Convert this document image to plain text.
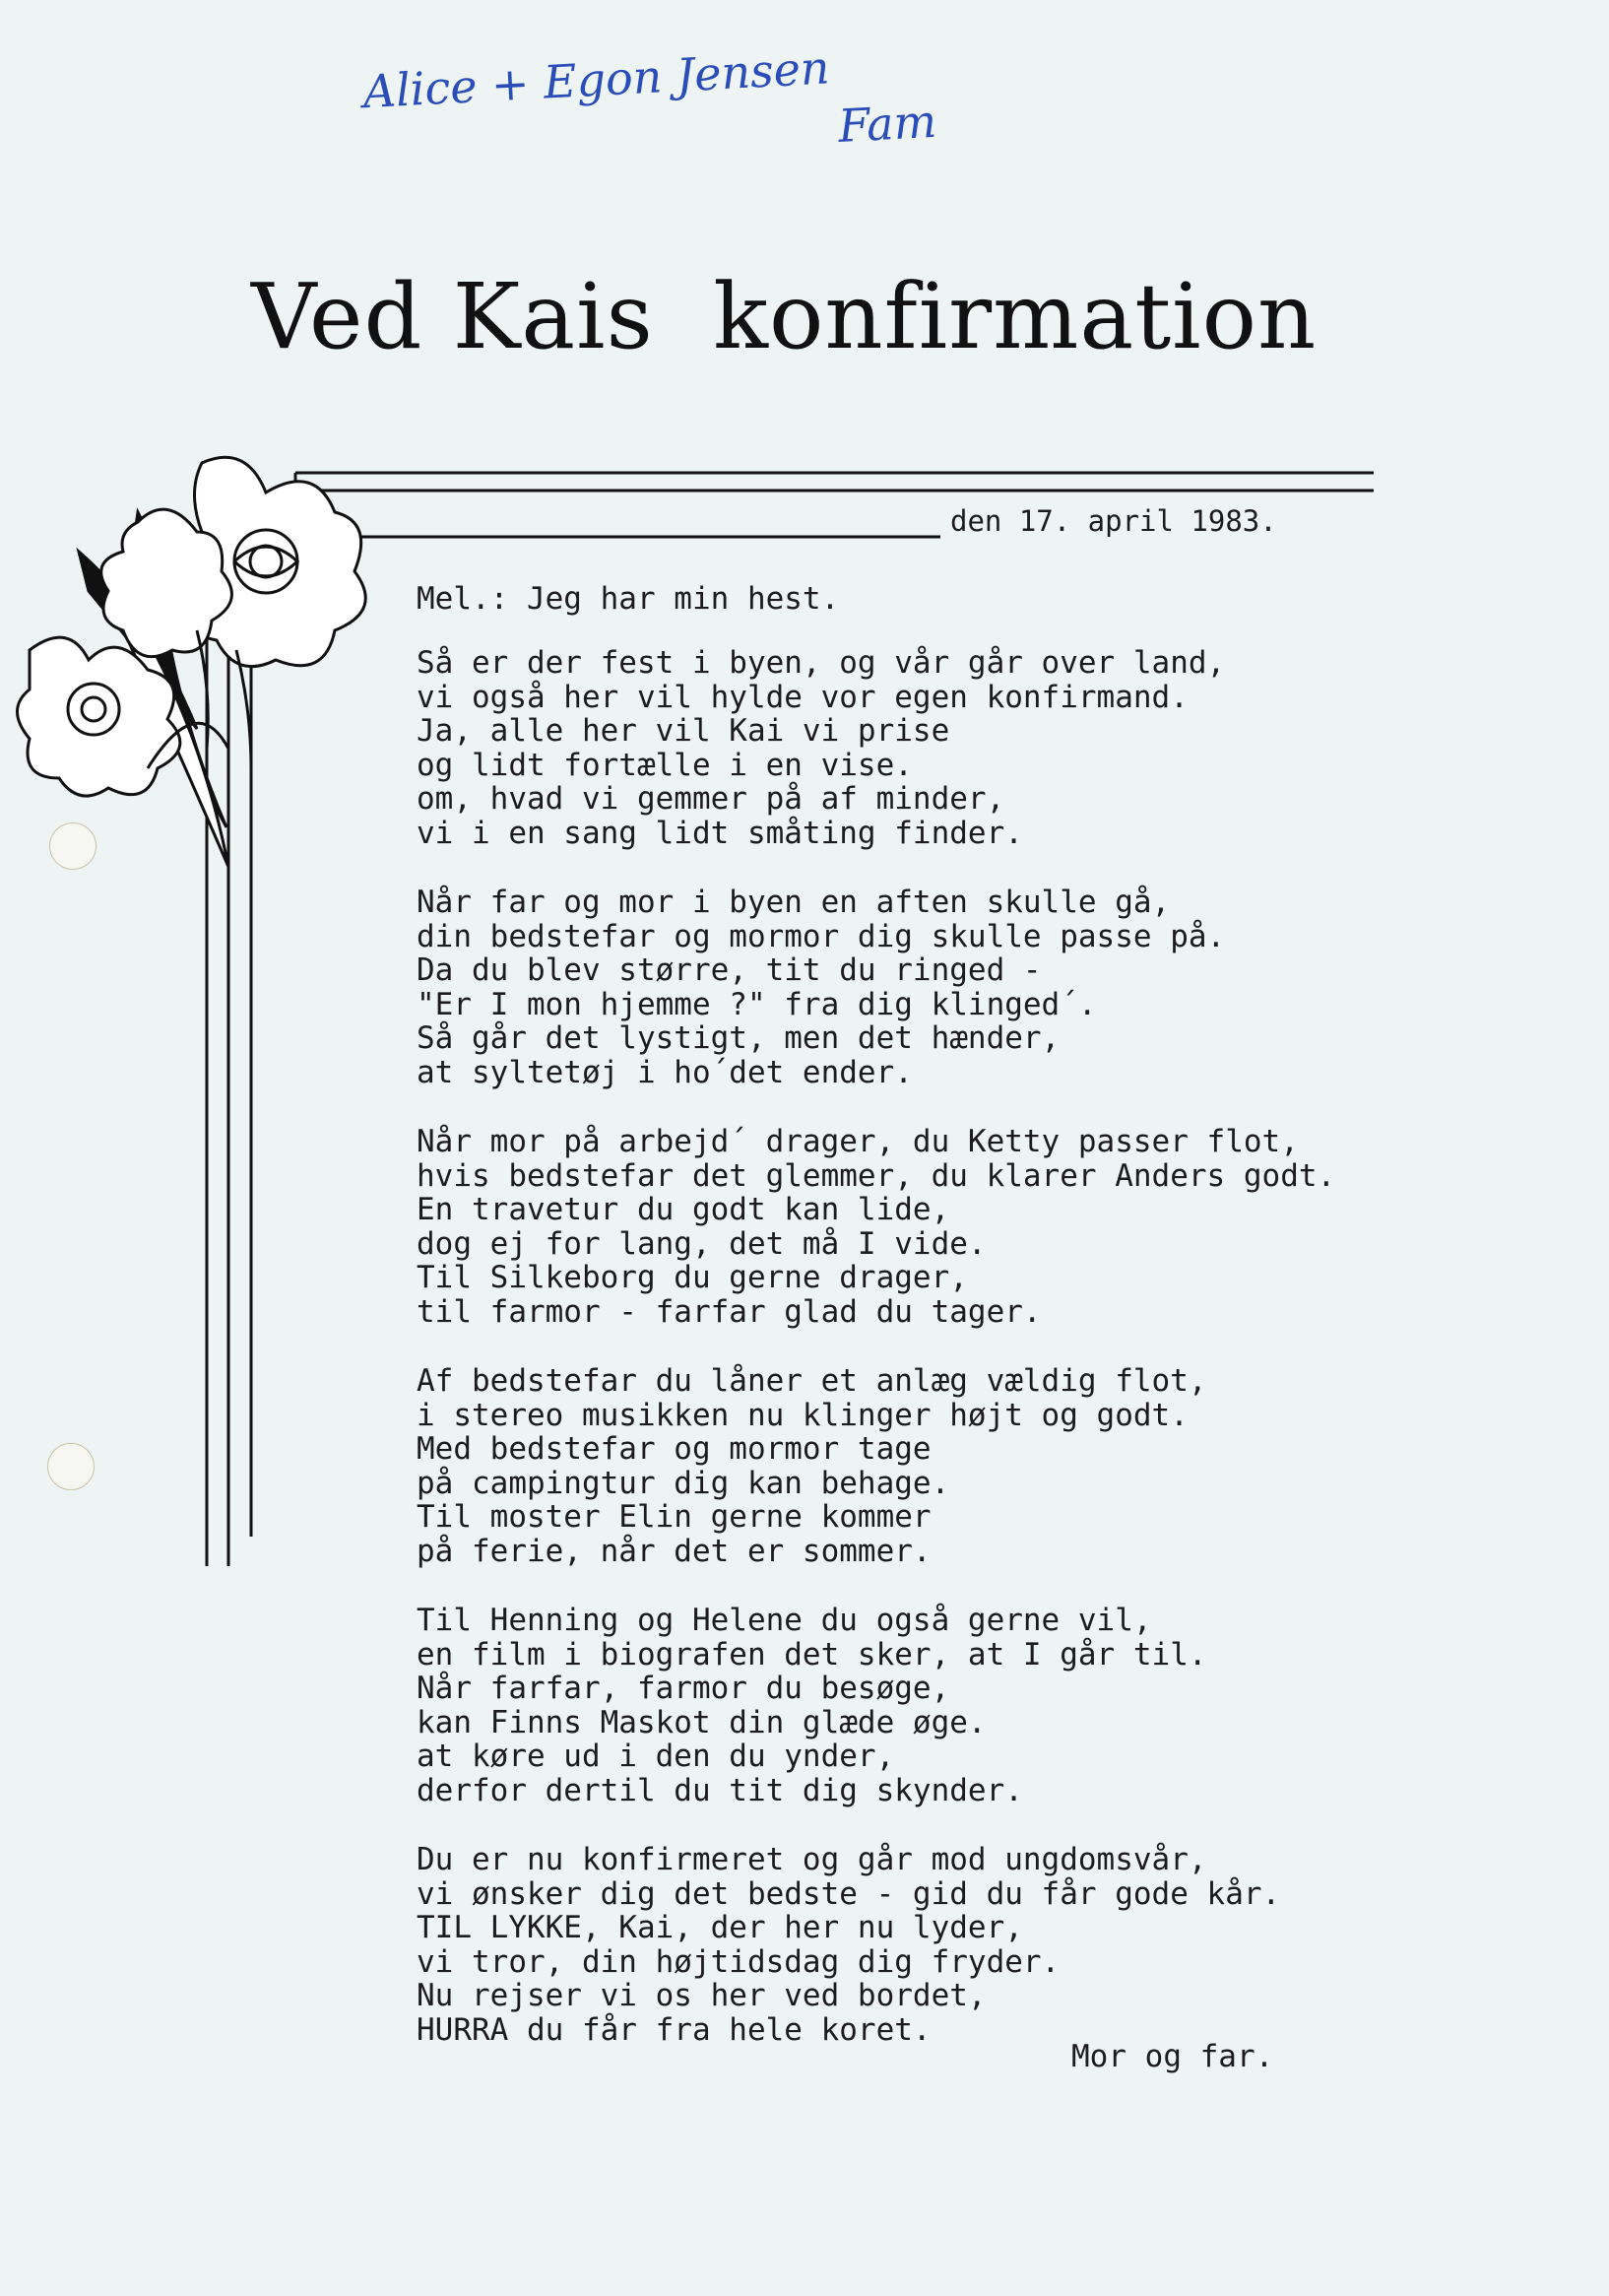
Alice + Egon Jensen
Fam
Ved Kais  konfirmation
den 17. april 1983.
Mel.: Jeg har min hest.
Så er der fest i byen, og vår går over land,
vi også her vil hylde vor egen konfirmand.
Ja, alle her vil Kai vi prise
og lidt fortælle i en vise.
om, hvad vi gemmer på af minder,
vi i en sang lidt småting finder.
Når far og mor i byen en aften skulle gå,
din bedstefar og mormor dig skulle passe på.
Da du blev større, tit du ringed -
"Er I mon hjemme ?" fra dig klinged´.
Så går det lystigt, men det hænder,
at syltetøj i ho´det ender.
Når mor på arbejd´ drager, du Ketty passer flot,
hvis bedstefar det glemmer, du klarer Anders godt.
En travetur du godt kan lide,
dog ej for lang, det må I vide.
Til Silkeborg du gerne drager,
til farmor - farfar glad du tager.
Af bedstefar du låner et anlæg vældig flot,
i stereo musikken nu klinger højt og godt.
Med bedstefar og mormor tage
på campingtur dig kan behage.
Til moster Elin gerne kommer
på ferie, når det er sommer.
Til Henning og Helene du også gerne vil,
en film i biografen det sker, at I går til.
Når farfar, farmor du besøge,
kan Finns Maskot din glæde øge.
at køre ud i den du ynder,
derfor dertil du tit dig skynder.
Du er nu konfirmeret og går mod ungdomsvår,
vi ønsker dig det bedste - gid du får gode kår.
TIL LYKKE, Kai, der her nu lyder,
vi tror, din højtidsdag dig fryder.
Nu rejser vi os her ved bordet,
HURRA du får fra hele koret.
Mor og far.
